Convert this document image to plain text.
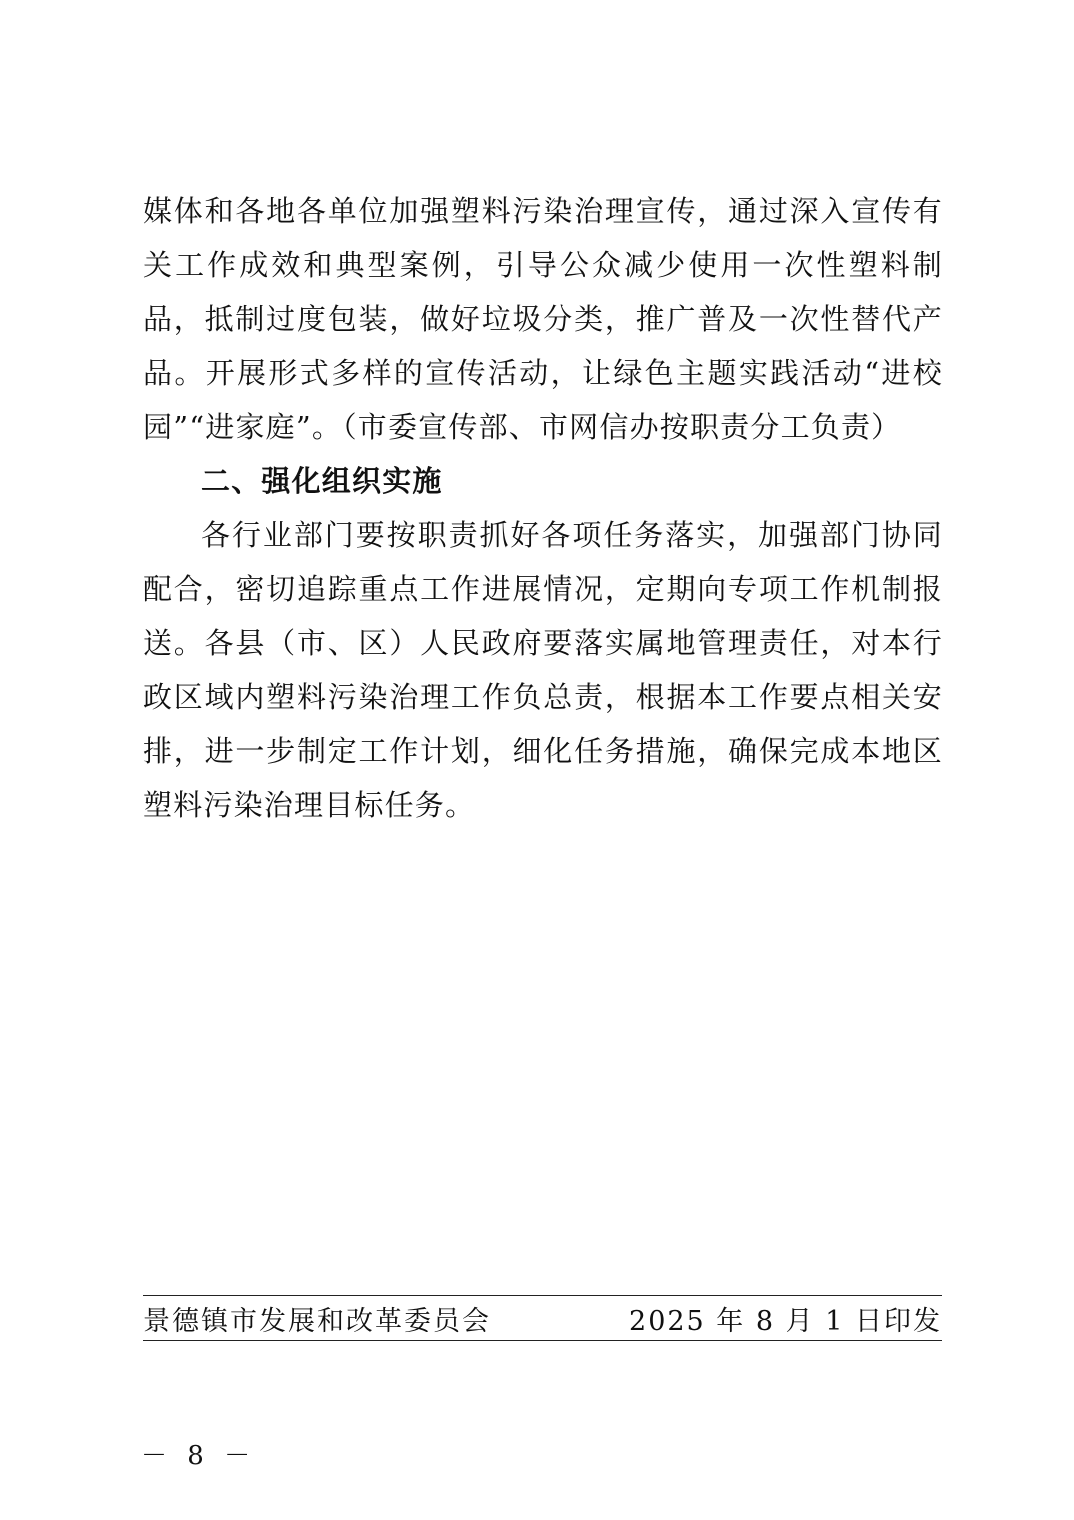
媒体和各地各单位加强塑料污染治理宣传，通过深入宣传有关工作成效和典型案例，引导公众减少使用一次性塑料制品，抵制过度包装，做好垃圾分类，推广普及一次性替代产品。开展形式多样的宣传活动，让绿色主题实践活动“进校园”“进家庭”。（市委宣传部、市网信办按职责分工负责）

二、强化组织实施

各行业部门要按职责抓好各项任务落实，加强部门协同配合，密切追踪重点工作进展情况，定期向专项工作机制报送。各县（市、区）人民政府要落实属地管理责任，对本行政区域内塑料污染治理工作负总责，根据本工作要点相关安排，进一步制定工作计划，细化任务措施，确保完成本地区塑料污染治理目标任务。

景德镇市发展和改革委员会	2025 年 8 月 1 日印发
－ 8 －
